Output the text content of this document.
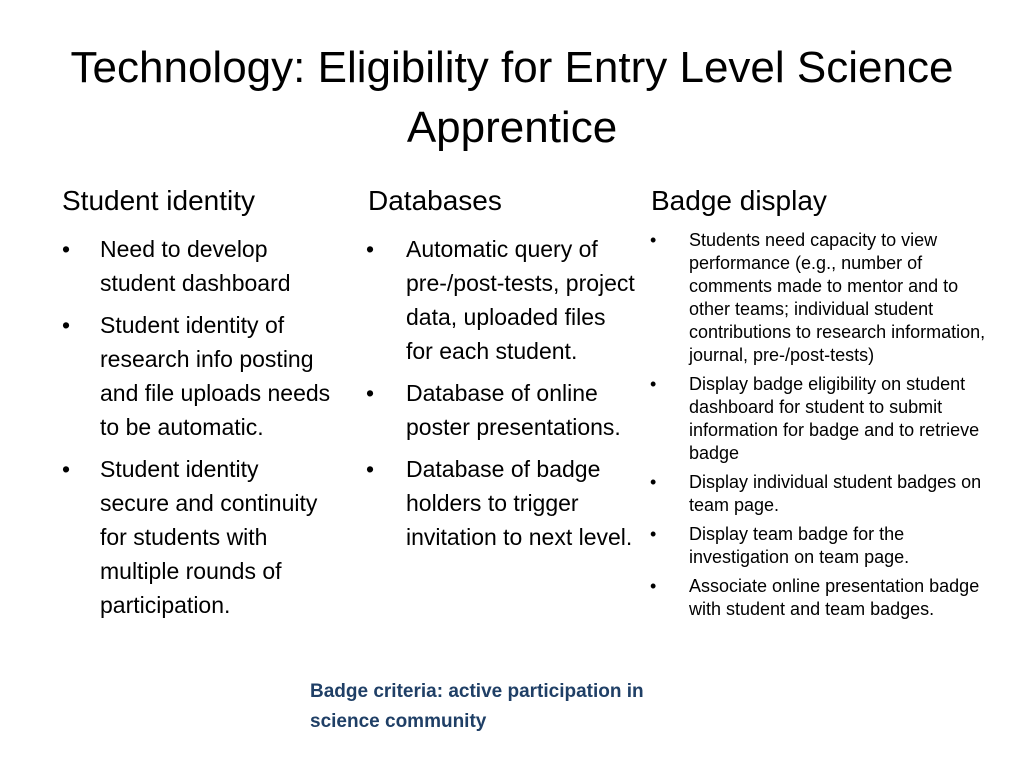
Technology: Eligibility for Entry Level Science Apprentice
Student identity
•	Need to develop student dashboard
•	Student identity of research info posting and file uploads needs to be automatic.
•	Student identity secure and continuity for students with multiple rounds of participation.
Databases
•	Automatic query of pre-/post-tests, project data, uploaded files for each student.
•	Database of online poster presentations.
•	Database of badge holders to trigger invitation to next level.
Badge display
•	Students need capacity to view performance (e.g., number of comments made to mentor and to other teams; individual student contributions to research information, journal, pre-/post-tests)
•	Display badge eligibility on student dashboard for student to submit information for badge and to retrieve badge
•	Display individual student badges on team page.
•	Display team badge for the investigation on team page.
•	Associate online presentation badge with student and team badges.

Badge criteria: active participation in science community
